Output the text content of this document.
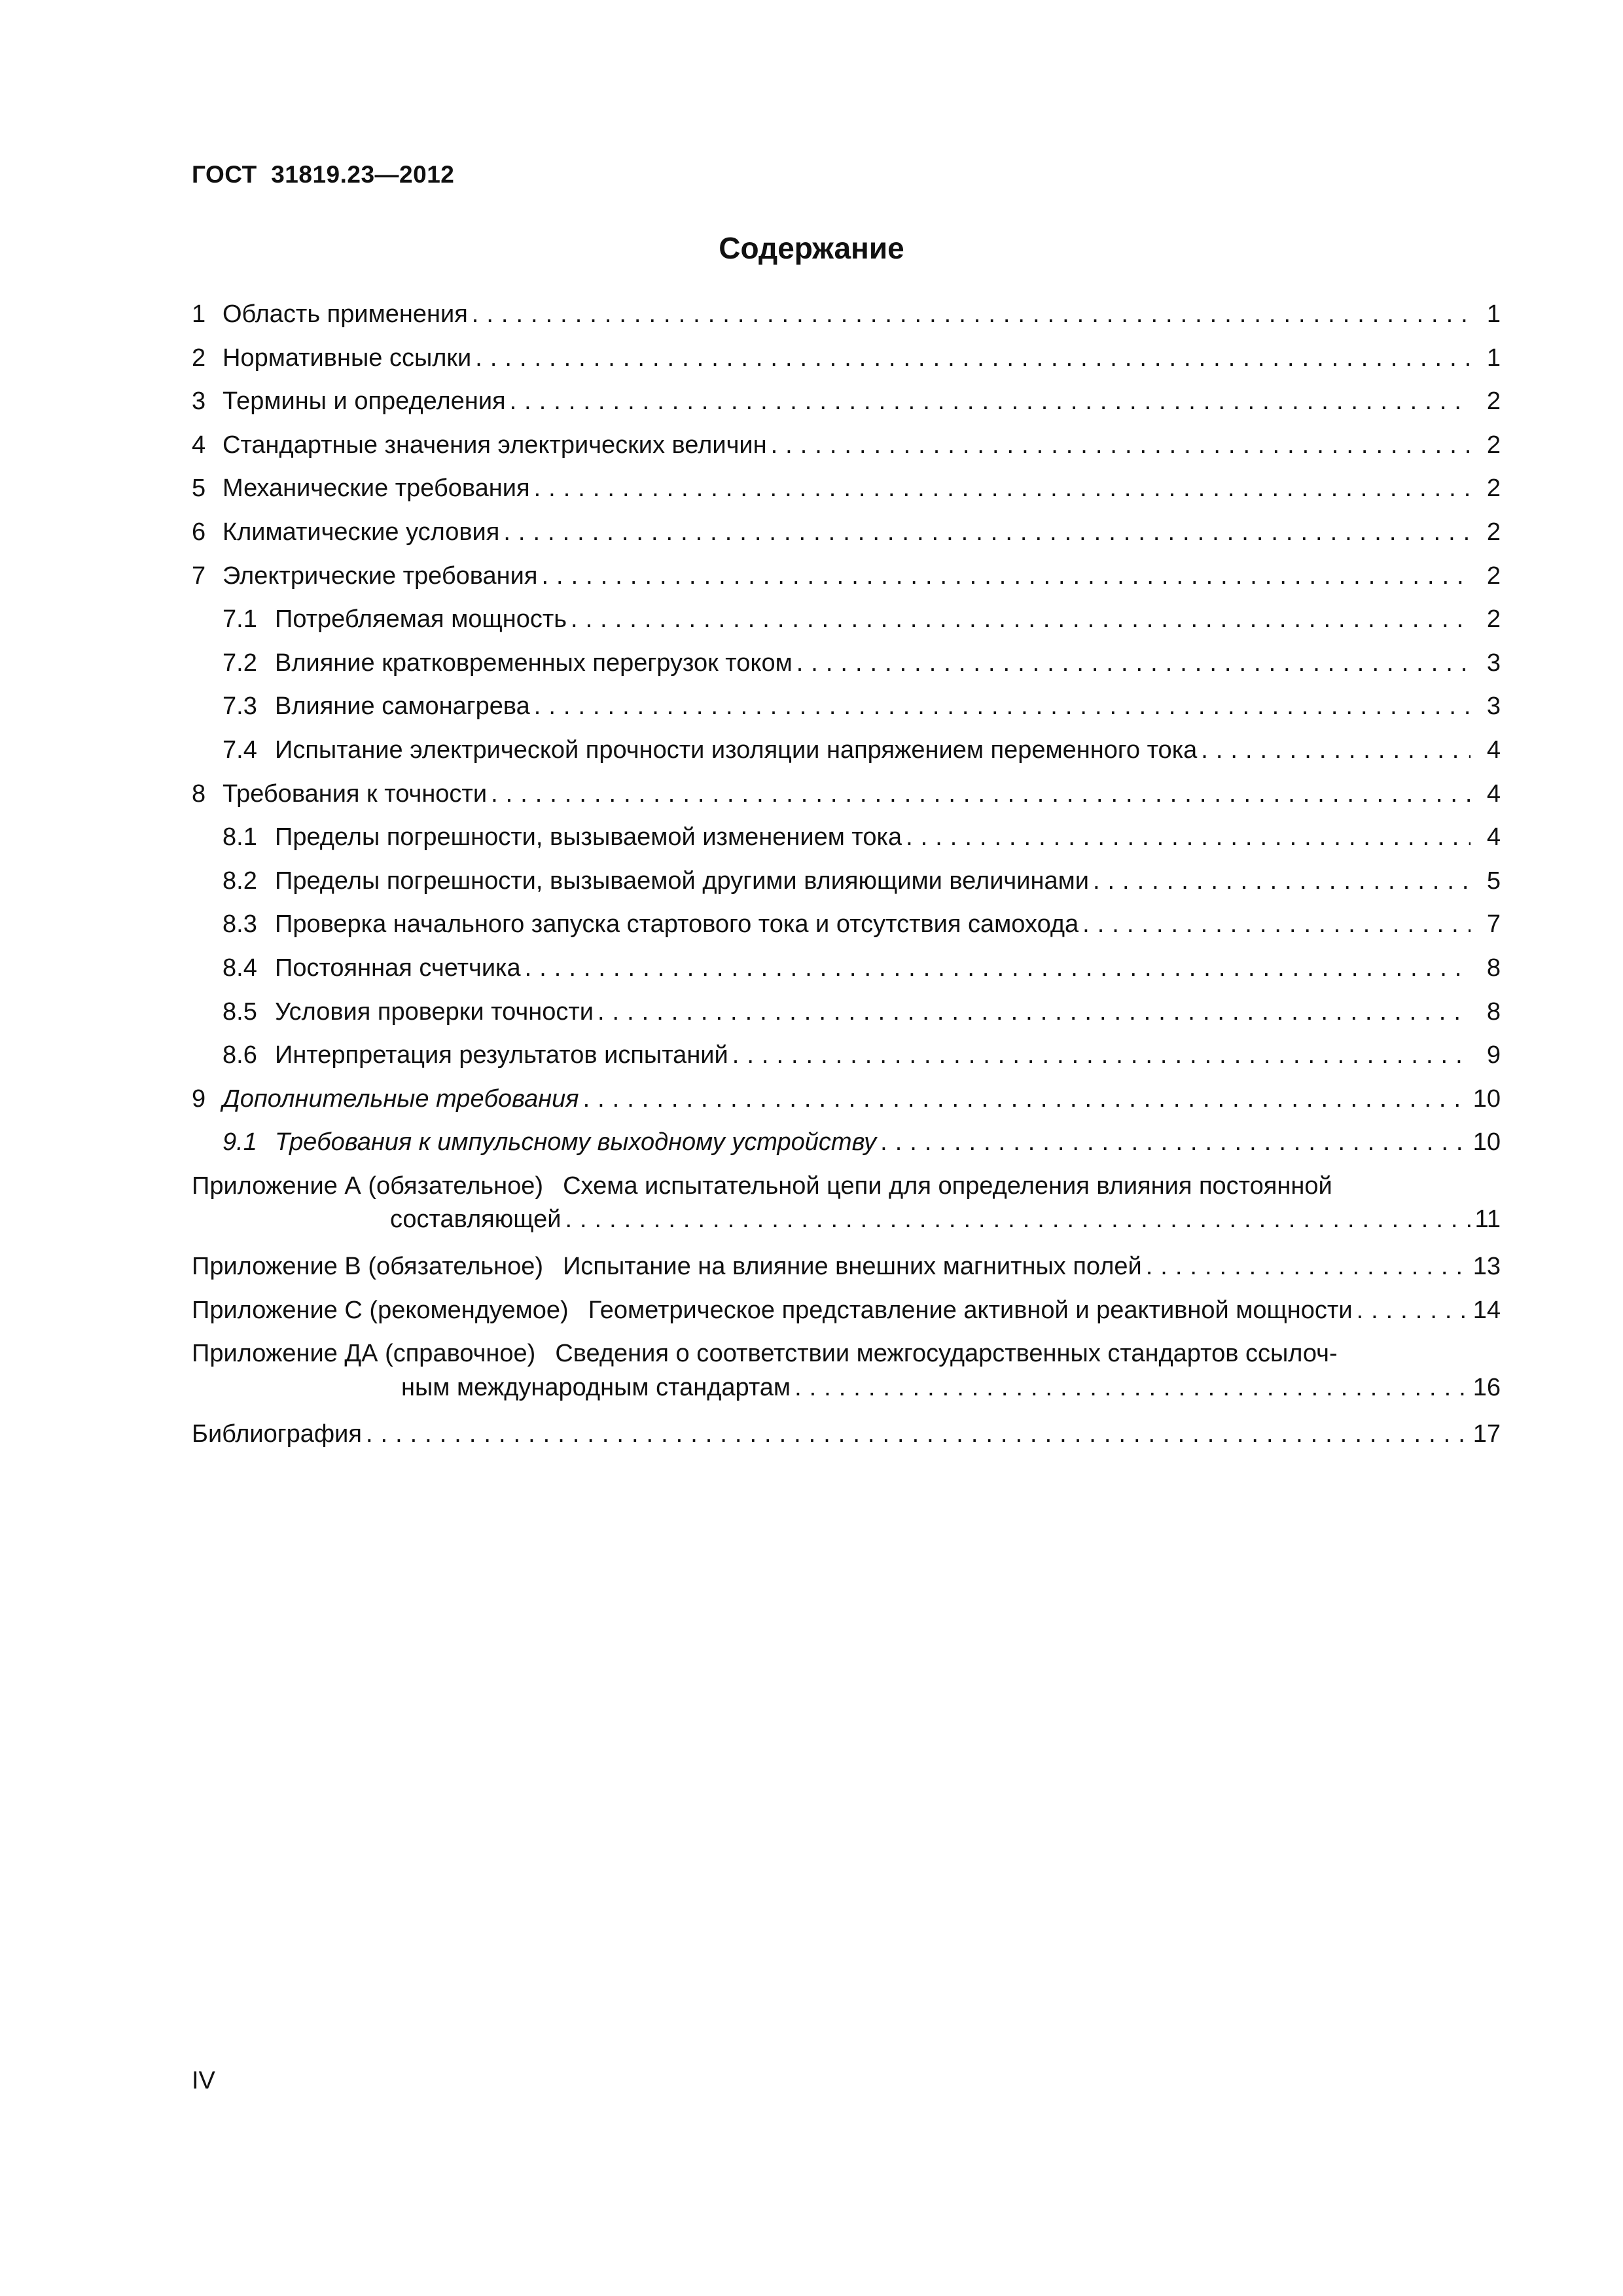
ГОСТ  31819.23—2012
Содержание
1 Область применения .....	1
2 Нормативные ссылки .....	1
3 Термины и определения .....	2
4 Стандартные значения электрических величин .....	2
5 Механические требования .....	2
6 Климатические условия .....	2
7 Электрические требования .....	2
7.1 Потребляемая мощность .....	2
7.2 Влияние кратковременных перегрузок током .....	3
7.3 Влияние самонагрева .....	3
7.4 Испытание электрической прочности изоляции напряжением переменного тока .....	4
8 Требования к точности .....	4
8.1 Пределы погрешности, вызываемой изменением тока .....	4
8.2 Пределы погрешности, вызываемой другими влияющими величинами .....	5
8.3 Проверка начального запуска стартового тока и отсутствия самохода .....	7
8.4 Постоянная счетчика .....	8
8.5 Условия проверки точности .....	8
8.6 Интерпретация результатов испытаний .....	9
9 Дополнительные требования .....	10
9.1 Требования к импульсному выходному устройству .....	10
Приложение А (обязательное) Схема испытательной цепи для определения влияния постоянной
составляющей .....	11
Приложение В (обязательное) Испытание на влияние внешних магнитных полей .....	13
Приложение С (рекомендуемое) Геометрическое представление активной и реактивной мощности .....	14
Приложение ДА (справочное) Сведения о соответствии межгосударственных стандартов ссылоч-
ным международным стандартам .....	16
Библиография .....	17
IV
